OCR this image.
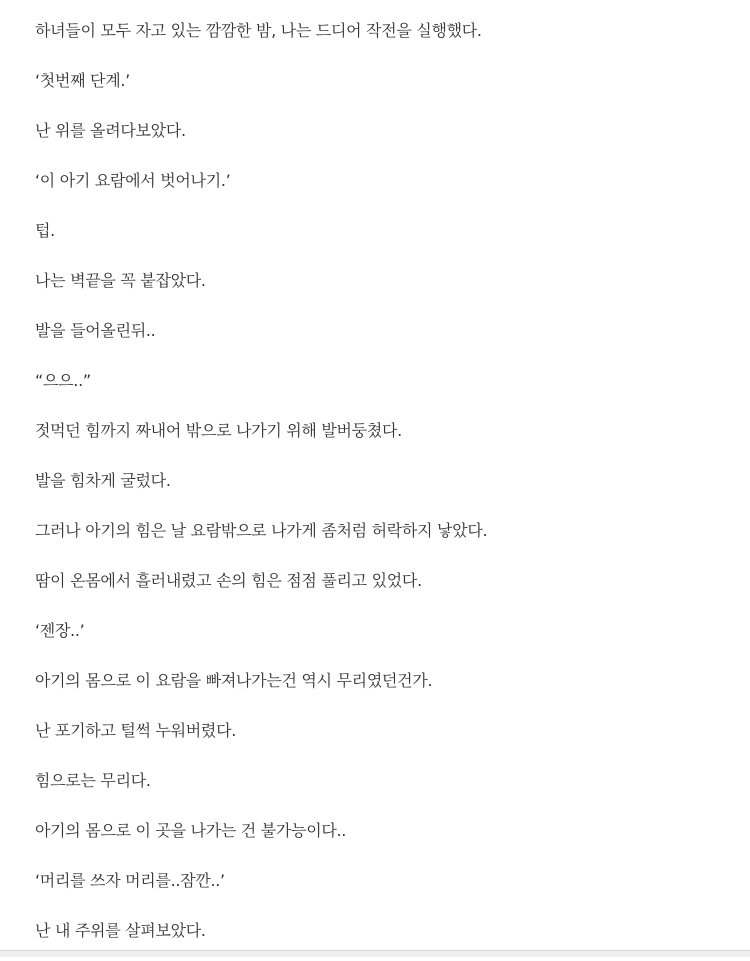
하녀들이 모두 자고 있는 깜깜한 밤, 나는 드디어 작전을 실행했다.
‘첫번째 단계.’
난 위를 올려다보았다.
‘이 아기 요람에서 벗어나기.’
텁.
나는 벽끝을 꼭 붙잡았다.
발을 들어올린뒤..
“으으..”
젓먹던 힘까지 짜내어 밖으로 나가기 위해 발버둥쳤다.
발을 힘차게 굴렀다.
그러나 아기의 힘은 날 요람밖으로 나가게 좀처럼 허락하지 낳았다.
땀이 온몸에서 흘러내렸고 손의 힘은 점점 풀리고 있었다.
‘젠장..’
아기의 몸으로 이 요람을 빠져나가는건 역시 무리였던건가.
난 포기하고 털썩 누워버렸다.
힘으로는 무리다.
아기의 몸으로 이 곳을 나가는 건 불가능이다..
‘머리를 쓰자 머리를..잠깐..’
난 내 주위를 살펴보았다.
